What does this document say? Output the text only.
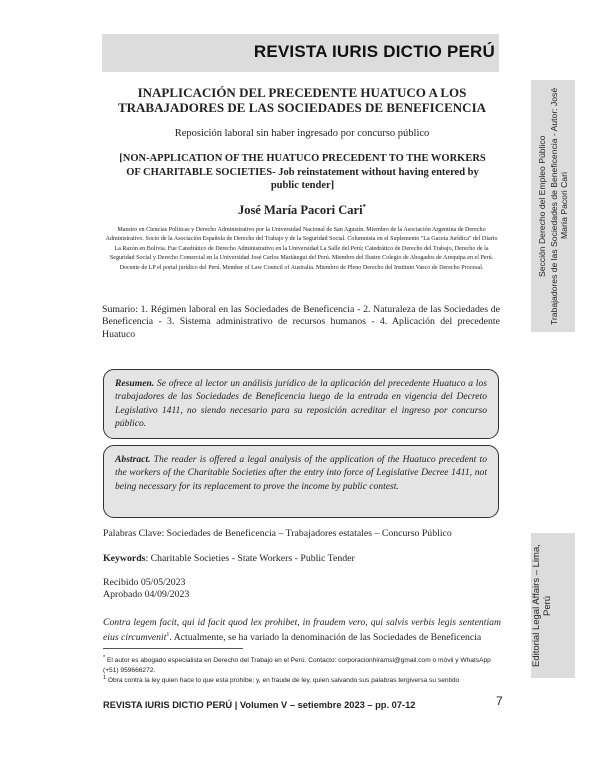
REVISTA IURIS DICTIO PERÚ
Sección Derecho del Empleo Público Trabajadores de las Sociedades de Beneficencia - Autor: José María Pacori Cari
Editorial Legal Affairs – Lima, Perú
INAPLICACIÓN DEL PRECEDENTE HUATUCO A LOS
TRABAJADORES DE LAS SOCIEDADES DE BENEFICENCIA
Reposición laboral sin haber ingresado por concurso público
[NON-APPLICATION OF THE HUATUCO PRECEDENT TO THE WORKERS OF CHARITABLE SOCIETIES- Job reinstatement without having entered by public tender]
José María Pacori Cari*
Maestro en Ciencias Políticas y Derecho Administrativo por la Universidad Nacional de San Agustín. Miembro de la Asociación Argentina de Derecho Administrativo. Socio de la Asociación Española de Derecho del Trabajo y de la Seguridad Social. Columnista en el Suplemento "La Gaceta Jurídica" del Diario La Razón en Bolivia. Fue Catedrático de Derecho Administrativo en la Universidad La Salle del Perú; Catedrático de Derecho del Trabajo, Derecho de la Seguridad Social y Derecho Comercial en la Universidad José Carlos Mariátegui del Perú. Miembro del Ilustre Colegio de Abogados de Arequipa en el Perú. Docente de LP el portal jurídico del Perú. Member of Law Council of Australia. Miembro de Pleno Derecho del Instituto Vasco de Derecho Procesal.
Sumario: 1. Régimen laboral en las Sociedades de Beneficencia - 2. Naturaleza de las Sociedades de Beneficencia - 3. Sistema administrativo de recursos humanos - 4. Aplicación del precedente Huatuco
Resumen. Se ofrece al lector un análisis jurídico de la aplicación del precedente Huatuco a los trabajadores de las Sociedades de Beneficencia luego de la entrada en vigencia del Decreto Legislativo 1411, no siendo necesario para su reposición acreditar el ingreso por concurso público.
Abstract. The reader is offered a legal analysis of the application of the Huatuco precedent to the workers of the Charitable Societies after the entry into force of Legislative Decree 1411, not being necessary for its replacement to prove the income by public contest.
Palabras Clave: Sociedades de Beneficencia – Trabajadores estatales – Concurso Público
Keywords: Charitable Societies - State Workers - Public Tender
Recibido 05/05/2023
Aprobado 04/09/2023
Contra legem facit, qui id facit quod lex prohibet, in fraudem vero, qui salvis verbis legis sententiam eius circumvenit$^1$. Actualmente, se ha variado la denominación de las Sociedades de Beneficencia
* El autor es abogado especialista en Derecho del Trabajo en el Perú. Contacto: corporacionhiramsl@gmail.com o móvil y WhatsApp (+51) 959666272.
$^1$ Obra contra la ley quien hace lo que esta prohíbe; y, en fraude de ley, quien salvando sus palabras tergiversa su sentido
REVISTA IURIS DICTIO PERÚ | Volumen V – setiembre 2023 – pp. 07-12	7
